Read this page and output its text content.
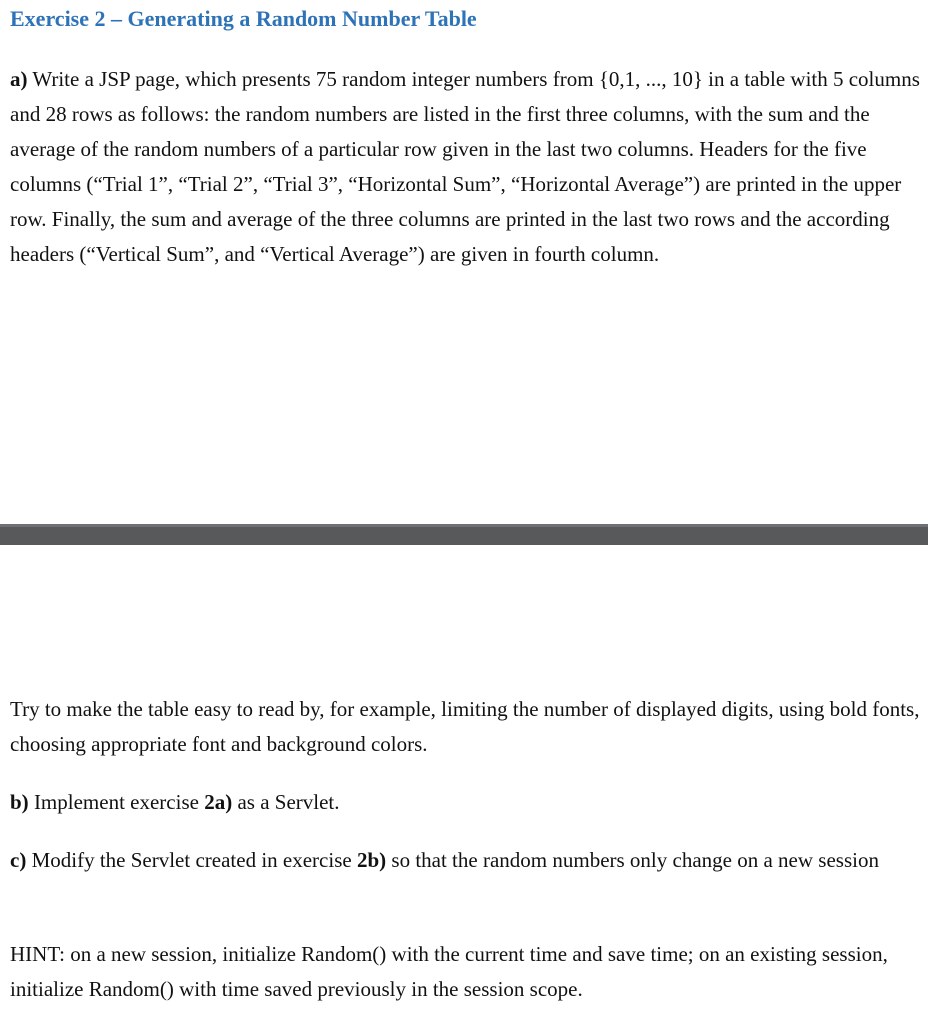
Exercise 2 – Generating a Random Number Table

a) Write a JSP page, which presents 75 random integer numbers from {0,1, ..., 10} in a table with 5 columns and 28 rows as follows: the random numbers are listed in the first three columns, with the sum and the average of the random numbers of a particular row given in the last two columns. Headers for the five columns (“Trial 1”, “Trial 2”, “Trial 3”, “Horizontal Sum”, “Horizontal Average”) are printed in the upper row. Finally, the sum and average of the three columns are printed in the last two rows and the according headers (“Vertical Sum”, and “Vertical Average”) are given in fourth column.

Try to make the table easy to read by, for example, limiting the number of displayed digits, using bold fonts, choosing appropriate font and background colors.

b) Implement exercise 2a) as a Servlet.

c) Modify the Servlet created in exercise 2b) so that the random numbers only change on a new session

HINT: on a new session, initialize Random() with the current time and save time; on an existing session, initialize Random() with time saved previously in the session scope.
